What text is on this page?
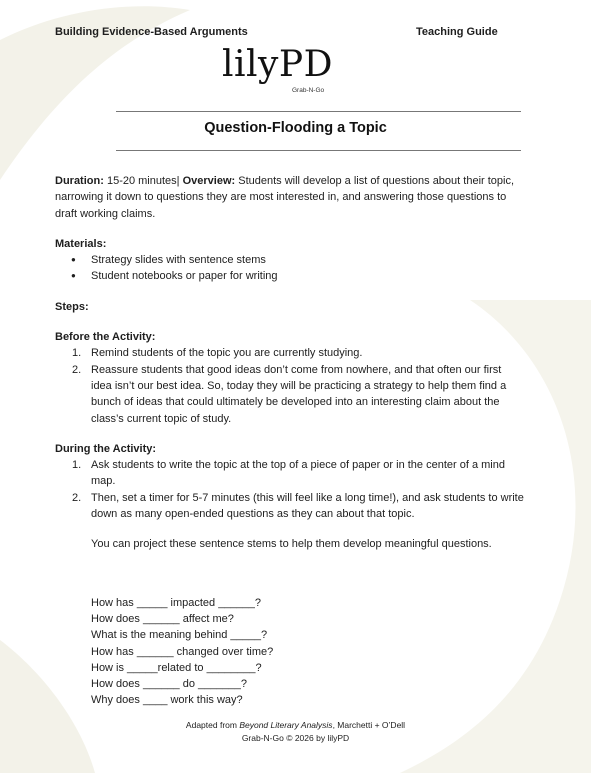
Building Evidence-Based Arguments	Teaching Guide
lilyPD
Grab-N-Go
Question-Flooding a Topic

Duration: 15-20 minutes| Overview: Students will develop a list of questions about their topic, narrowing it down to questions they are most interested in, and answering those questions to draft working claims.

Materials:

● Strategy slides with sentence stems
● Student notebooks or paper for writing

Steps:

Before the Activity:

1. Remind students of the topic you are currently studying.
2. Reassure students that good ideas don’t come from nowhere, and that often our first idea isn’t our best idea. So, today they will be practicing a strategy to help them find a bunch of ideas that could ultimately be developed into an interesting claim about the class’s current topic of study.

During the Activity:

1. Ask students to write the topic at the top of a piece of paper or in the center of a mind map.
2. Then, set a timer for 5-7 minutes (this will feel like a long time!), and ask students to write down as many open-ended questions as they can about that topic.

You can project these sentence stems to help them develop meaningful questions.

How has _____ impacted ______?

How does ______ affect me?

What is the meaning behind _____?

How has ______ changed over time?

How is _____related to ________?

How does ______ do _______?

Why does ____ work this way?

Adapted from Beyond Literary Analysis, Marchetti + O’Dell
Grab-N-Go © 2026 by lilyPD
